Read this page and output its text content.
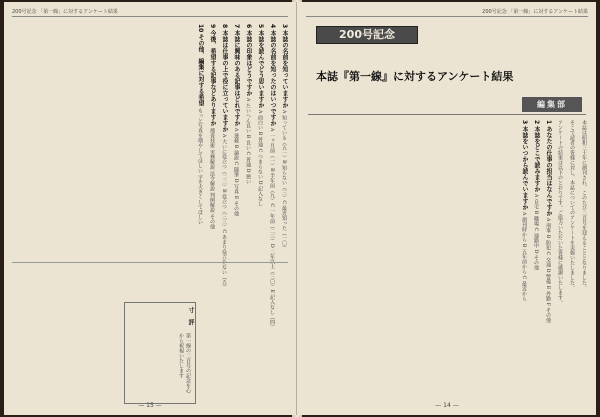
200号記念 「第一線」に対するアンケート結果
3 本誌の名前を知っていますか A 知っている（五一）B 知らない（三）C 最近知った（一〇）
4 本誌の名前を知ったのはいつですか A 一ヶ月前（一）B 半年前（九）C 一年前（二三）D 二年以上（三〇）E 記入なし（四）
5 本誌を読んでどう思いますか A 面白い B 普通 C つまらない D 記入なし
6 本誌の印象はどうですか A たいへん良い B 良い C 普通 D 悪い
7 本誌に興味のある記事はどれですか A 連載 B 論説 C 随筆 D 写真 E その他
8 本誌は仕事の上で役に立っていますか A 大いに役立つ（二二）B 役立つ（三三）C あまり役立たない（五）
9 今後、希望する記事などありますか 捜査技術 実務解説 法令解説 判例解説 その他
10 その他、編集に対する希望 もっと写真を増やしてほしい 字を大きくしてほしい
寸　評
第一線の二百号の記念を心から祝福いたします
— 15 —
200号記念 「第一線」に対するアンケート結果
200号記念
本誌『第一線』に対するアンケート結果
編集部
本誌は昭和三十年に創刊され、このたび二百号を迎えることとなりました。
そこで読者の皆様に対し、本誌についてのアンケートを実施いたしました。
アンケートの結果は以下のとおりです。ご協力いただいた皆様に感謝いたします。
1 あなたの仕事の担当はなんですか A 刑事 B 防犯 C 交通 D 警備 E 外勤 F その他
2 本誌をどこで読みますか A 自宅 B 職場 C 通勤中 D その他
3 本誌をいつから読んでいますか A 創刊時から B 五年前から C 最近から
— 14 —
